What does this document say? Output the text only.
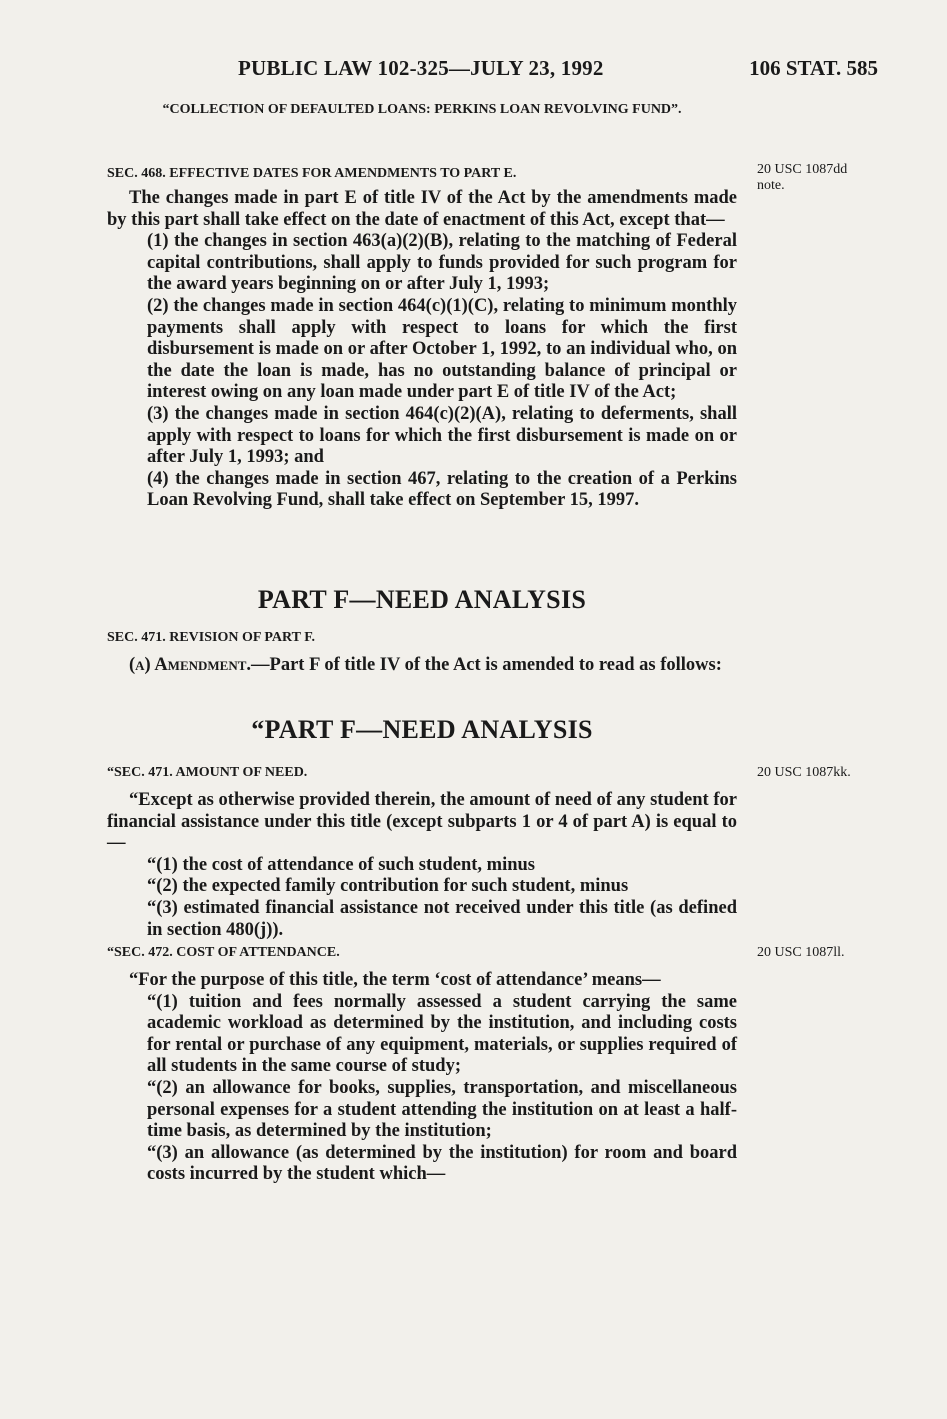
PUBLIC LAW 102-325—JULY 23, 1992	106 STAT. 585
“COLLECTION OF DEFAULTED LOANS: PERKINS LOAN REVOLVING FUND”.
SEC. 468. EFFECTIVE DATES FOR AMENDMENTS TO PART E.	20 USC 1087dd note.

The changes made in part E of title IV of the Act by the amendments made by this part shall take effect on the date of enactment of this Act, except that—

(1) the changes in section 463(a)(2)(B), relating to the matching of Federal capital contributions, shall apply to funds provided for such program for the award years beginning on or after July 1, 1993;

(2) the changes made in section 464(c)(1)(C), relating to minimum monthly payments shall apply with respect to loans for which the first disbursement is made on or after October 1, 1992, to an individual who, on the date the loan is made, has no outstanding balance of principal or interest owing on any loan made under part E of title IV of the Act;

(3) the changes made in section 464(c)(2)(A), relating to deferments, shall apply with respect to loans for which the first disbursement is made on or after July 1, 1993; and

(4) the changes made in section 467, relating to the creation of a Perkins Loan Revolving Fund, shall take effect on September 15, 1997.

PART F—NEED ANALYSIS
SEC. 471. REVISION OF PART F.

(a) Amendment.—Part F of title IV of the Act is amended to read as follows:

“PART F—NEED ANALYSIS
“SEC. 471. AMOUNT OF NEED.	20 USC 1087kk.

“Except as otherwise provided therein, the amount of need of any student for financial assistance under this title (except subparts 1 or 4 of part A) is equal to—

“(1) the cost of attendance of such student, minus

“(2) the expected family contribution for such student, minus

“(3) estimated financial assistance not received under this title (as defined in section 480(j)).

“SEC. 472. COST OF ATTENDANCE.	20 USC 1087ll.

“For the purpose of this title, the term ‘cost of attendance’ means—

“(1) tuition and fees normally assessed a student carrying the same academic workload as determined by the institution, and including costs for rental or purchase of any equipment, materials, or supplies required of all students in the same course of study;

“(2) an allowance for books, supplies, transportation, and miscellaneous personal expenses for a student attending the institution on at least a half-time basis, as determined by the institution;

“(3) an allowance (as determined by the institution) for room and board costs incurred by the student which—
